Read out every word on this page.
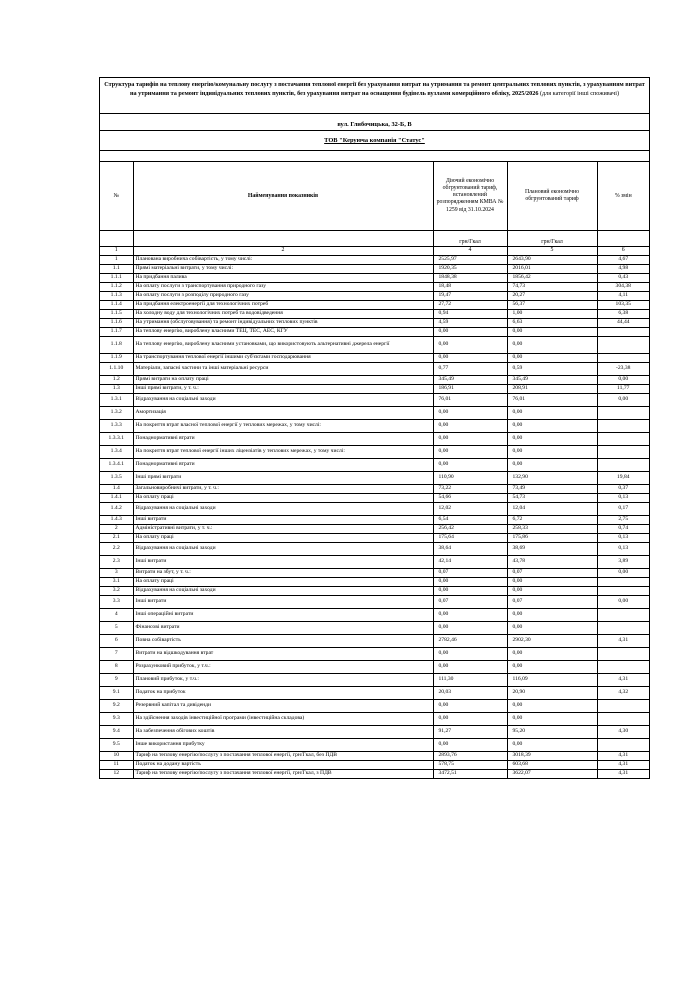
Структура тарифів на теплову енергію/комунальну послугу з постачання теплової енергії без урахування витрат на утримання та ремонт центральних теплових пунктів, з урахуванням витрат на утримання та ремонт індивідуальних теплових пунктів, без урахування витрат на оснащення будівель вузлами комерційного обліку, 2025/2026 (для категорії інші споживачі)
вул. Глибочицька, 32-Б, В
ТОВ "Керуюча компанія "Статус"
№	Найменування показників	Діючий економічно обгрунтований тариф, встановлений розпорядженням КМВА № 1259 від 31.10.2024	Плановий економічно обгрунтований тариф	% змін
		грн/Гкал	грн/Гкал	
1	2	4	5	6
1	Планована виробнича собівартість, у тому числі:	2525,97	2643,90	4,67
1.1	Прямі матеріальні витрати, у тому числі:	1920,35	2016,01	4,98
1.1.1	На придбання палива	1848,38	1856,42	0,43
1.1.2	На оплату послуги з транспортування природного газу	18,48	74,73	304,38
1.1.3	На оплату послуги з розподілу природного газу	19,47	20,27	4,11
1.1.4	На придбання електроенергії для технологічних потреб	27,72	56,37	103,35
1.1.5	На холодну воду для технологічних потреб та водовідведення	0,94	1,00	6,38
1.1.6	На утримання (обслуговування) та ремонт індивідуальних теплових пунктів	4,59	6,63	44,44
1.1.7	На теплову енергію, вироблену власними ТЕЦ, ТЕС, АЕС, КГУ	0,00	0,00	
1.1.8	На теплову енергію, вироблену власними установками, що використовують альтернативні джерела енергії	0,00	0,00	
1.1.9	На транспортування теплової енергії іншими суб'єктами господарювання	0,00	0,00	
1.1.10	Матеріали, запасні частини та інші матеріальні ресурси	0,77	0,59	-23,38
1.2	Прямі витрати на оплату праці	345,49	345,49	0,00
1.3	Інші прямі витрати, у т. ч.:	186,91	208,91	11,77
1.3.1	Відрахування на соціальні заходи	76,01	76,01	0,00
1.3.2	Амортизація	0,00	0,00	
1.3.3	На покриття втрат власної теплової енергії у теплових мережах, у тому числі:	0,00	0,00	
1.3.3.1	Понаднормативні втрати	0,00	0,00	
1.3.4	На покриття втрат теплової енергії інших ліцензіатів у теплових мережах, у тому числі:	0,00	0,00	
1.3.4.1	Понаднормативні втрати	0,00	0,00	
1.3.5	Інші прямі витрати	110,90	132,90	19,84
1.4	Загальновиробничі витрати, у т. ч.:	73,22	73,49	0,37
1.4.1	На оплату праці	54,66	54,73	0,13
1.4.2	Відрахування на соціальні заходи	12,02	12,04	0,17
1.4.3	Інші витрати	6,54	6,72	2,75
2	Адміністративні витрати, у т. ч.:	256,42	258,33	0,74
2.1	На оплату праці	175,64	175,86	0,13
2.2	Відрахування на соціальні заходи	38,64	38,69	0,13
2.3	Інші витрати	42,14	43,78	3,89
3	Витрати на збут, у т. ч.:	0,07	0,07	0,00
3.1	На оплату праці	0,00	0,00	
3.2	Відрахування на соціальні заходи	0,00	0,00	
3.3	Інші витрати	0,07	0,07	0,00
4	Інші операційні витрати	0,00	0,00	
5	Фінансові витрати	0,00	0,00	
6	Повна собівартість	2782,46	2902,30	4,31
7	Витрати на відшкодування втрат	0,00	0,00	
8	Розрахунковий прибуток, у т.ч.:	0,00	0,00	
9	Плановий прибуток, у т.ч.:	111,30	116,09	4,31
9.1	Податок на прибуток	20,03	20,90	4,32
9.2	Резервний капітал та дивіденди	0,00	0,00	
9.3	На здійснення заходів інвестиційної програми (інвестиційна складова)	0,00	0,00	
9.4	На забезпечення обігових коштів	91,27	95,20	4,30
9.5	Інше використання прибутку	0,00	0,00	
10	Тариф на теплову енергію/послугу з постачання теплової енергії, грн/Гкал, без ПДВ	2893,76	3018,39	4,31
11	Податок на додану вартість	578,75	603,68	4,31
12	Тариф на теплову енергію/послугу з постачання теплової енергії, грн/Гкал, з ПДВ	3472,51	3622,07	4,31
